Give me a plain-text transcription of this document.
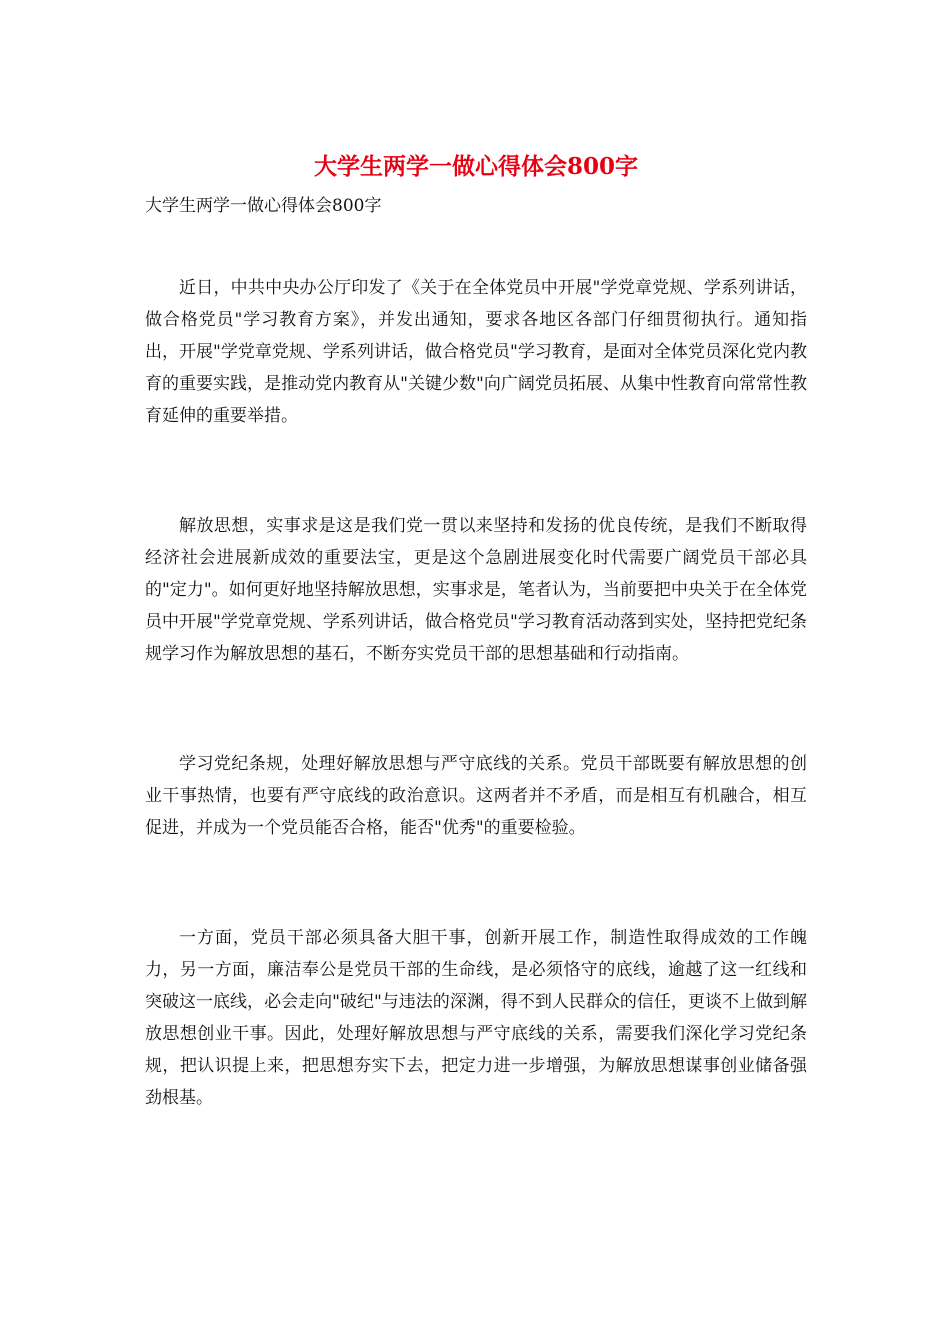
大学生两学一做心得体会800字

大学生两学一做心得体会800字

近日，中共中央办公厅印发了《关于在全体党员中开展"学党章党规、学系列讲话，做合格党员"学习教育方案》，并发出通知，要求各地区各部门仔细贯彻执行。通知指出，开展"学党章党规、学系列讲话，做合格党员"学习教育，是面对全体党员深化党内教育的重要实践，是推动党内教育从"关键少数"向广阔党员拓展、从集中性教育向常常性教育延伸的重要举措。

解放思想，实事求是这是我们党一贯以来坚持和发扬的优良传统，是我们不断取得经济社会进展新成效的重要法宝，更是这个急剧进展变化时代需要广阔党员干部必具的"定力"。如何更好地坚持解放思想，实事求是，笔者认为，当前要把中央关于在全体党员中开展"学党章党规、学系列讲话，做合格党员"学习教育活动落到实处，坚持把党纪条规学习作为解放思想的基石，不断夯实党员干部的思想基础和行动指南。

学习党纪条规，处理好解放思想与严守底线的关系。党员干部既要有解放思想的创业干事热情，也要有严守底线的政治意识。这两者并不矛盾，而是相互有机融合，相互促进，并成为一个党员能否合格，能否"优秀"的重要检验。

一方面，党员干部必须具备大胆干事，创新开展工作，制造性取得成效的工作魄力，另一方面，廉洁奉公是党员干部的生命线，是必须恪守的底线，逾越了这一红线和突破这一底线，必会走向"破纪"与违法的深渊，得不到人民群众的信任，更谈不上做到解放思想创业干事。因此，处理好解放思想与严守底线的关系，需要我们深化学习党纪条规，把认识提上来，把思想夯实下去，把定力进一步增强，为解放思想谋事创业储备强劲根基。
